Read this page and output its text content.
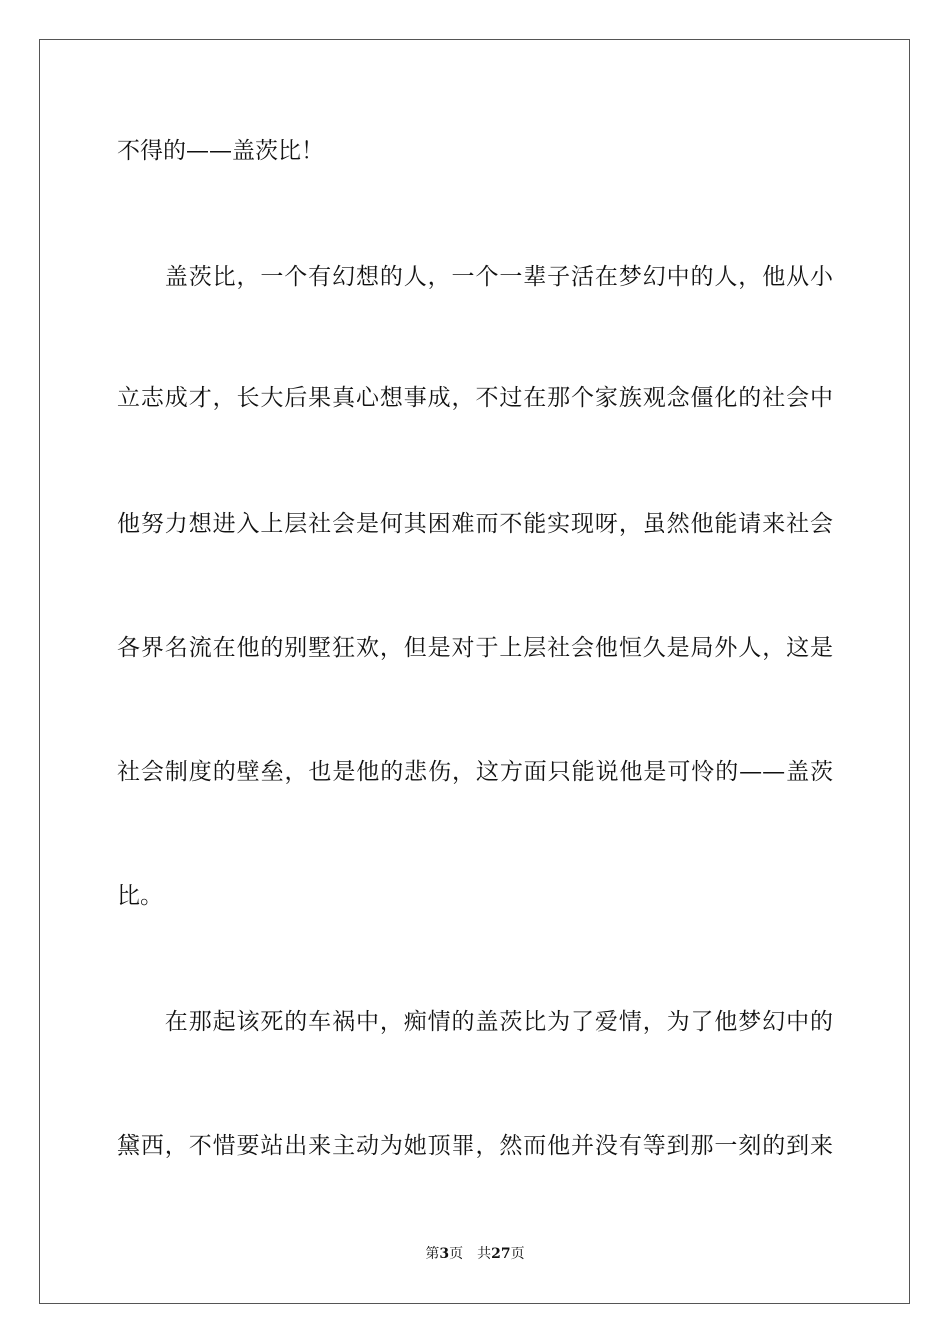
不得的——盖茨比！
　　盖茨比，一个有幻想的人，一个一辈子活在梦幻中的人，他从小
立志成才，长大后果真心想事成，不过在那个家族观念僵化的社会中
他努力想进入上层社会是何其困难而不能实现呀，虽然他能请来社会
各界名流在他的别墅狂欢，但是对于上层社会他恒久是局外人，这是
社会制度的壁垒，也是他的悲伤，这方面只能说他是可怜的——盖茨
比。
　　在那起该死的车祸中，痴情的盖茨比为了爱情，为了他梦幻中的
黛西，不惜要站出来主动为她顶罪，然而他并没有等到那一刻的到来
第3页 共27页
